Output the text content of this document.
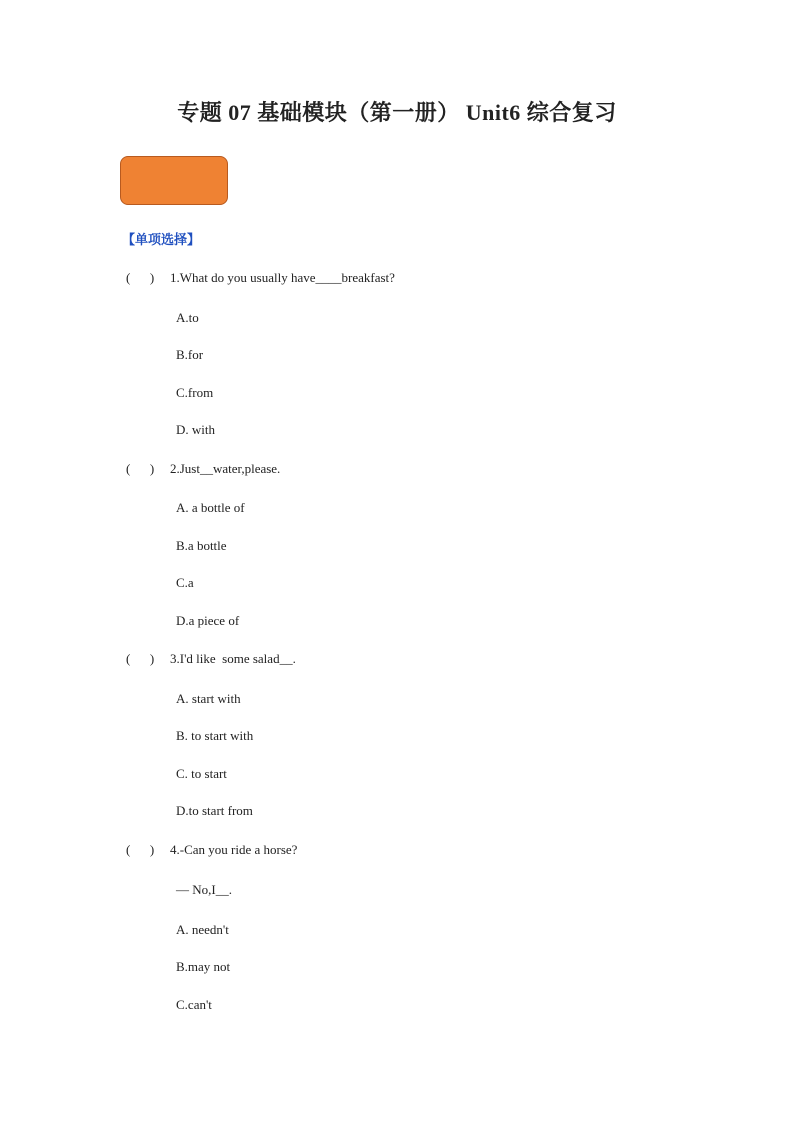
专题 07 基础模块（第一册） Unit6 综合复习
【单项选择】
(      ) 1.What do you usually have____breakfast?
A.to
B.for
C.from
D. with
(      ) 2.Just__water,please.
A. a bottle of
B.a bottle
C.a
D.a piece of
(      ) 3.I'd like  some salad__.
A. start with
B. to start with
C. to start
D.to start from
(      ) 4.-Can you ride a horse?
— No,I__.
A. needn't
B.may not
C.can't
